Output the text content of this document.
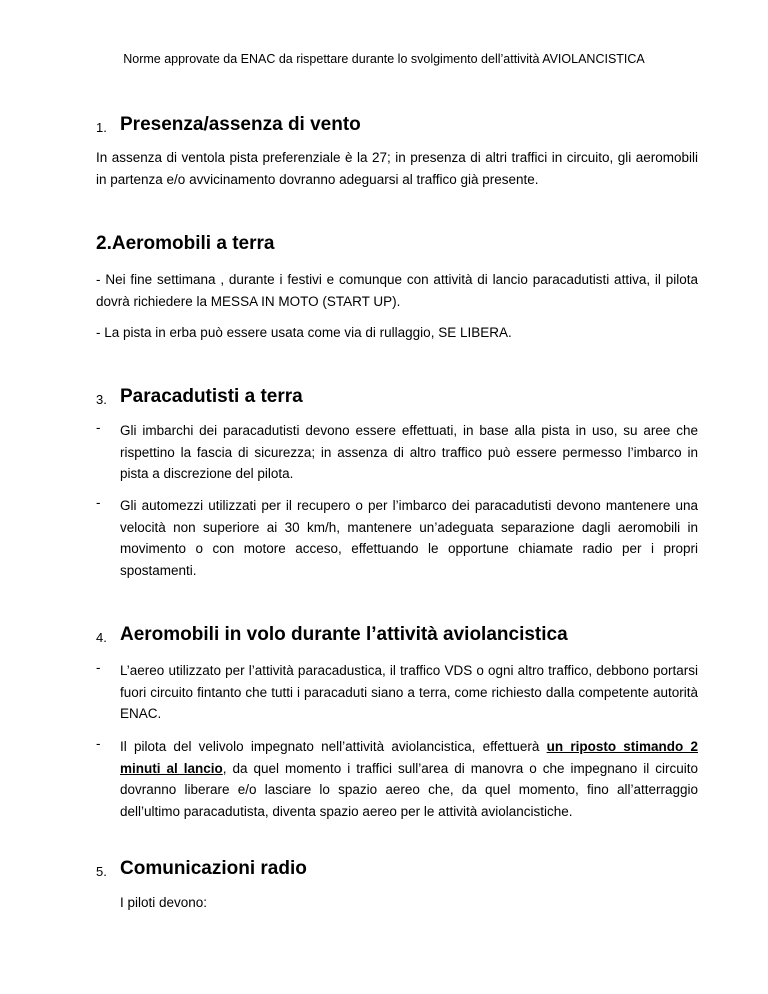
Norme approvate da ENAC da rispettare durante lo svolgimento dell’attività AVIOLANCISTICA
1. Presenza/assenza di vento
In assenza di ventola pista preferenziale è la 27; in presenza di altri traffici in circuito, gli aeromobili in partenza e/o avvicinamento dovranno adeguarsi al traffico già presente.
2.Aeromobili a terra
- Nei fine settimana , durante i festivi e comunque con attività di lancio paracadutisti attiva, il pilota dovrà richiedere la MESSA IN MOTO (START UP).
- La pista in erba può essere usata come via di rullaggio, SE LIBERA.
3. Paracadutisti a terra
- Gli imbarchi dei paracadutisti devono essere effettuati, in base alla pista in uso, su aree che rispettino la fascia di sicurezza; in assenza di altro traffico può essere permesso l’imbarco in pista a discrezione del pilota.
- Gli automezzi utilizzati per il recupero o per l’imbarco dei paracadutisti devono mantenere una velocità non superiore ai 30 km/h, mantenere un’adeguata separazione dagli aeromobili in movimento o con motore acceso, effettuando le opportune chiamate radio per i propri spostamenti.
4. Aeromobili in volo durante l’attività aviolancistica
- L’aereo utilizzato per l’attività paracadustica, il traffico VDS o ogni altro traffico, debbono portarsi fuori circuito fintanto che tutti i paracaduti siano a terra, come richiesto dalla competente autorità ENAC.
- Il pilota del velivolo impegnato nell’attività aviolancistica, effettuerà un riposto stimando 2 minuti al lancio, da quel momento i traffici sull’area di manovra o che impegnano il circuito dovranno liberare e/o lasciare lo spazio aereo che, da quel momento, fino all’atterraggio dell’ultimo paracadutista, diventa spazio aereo per le attività aviolancistiche.
5. Comunicazioni radio
I piloti devono:
